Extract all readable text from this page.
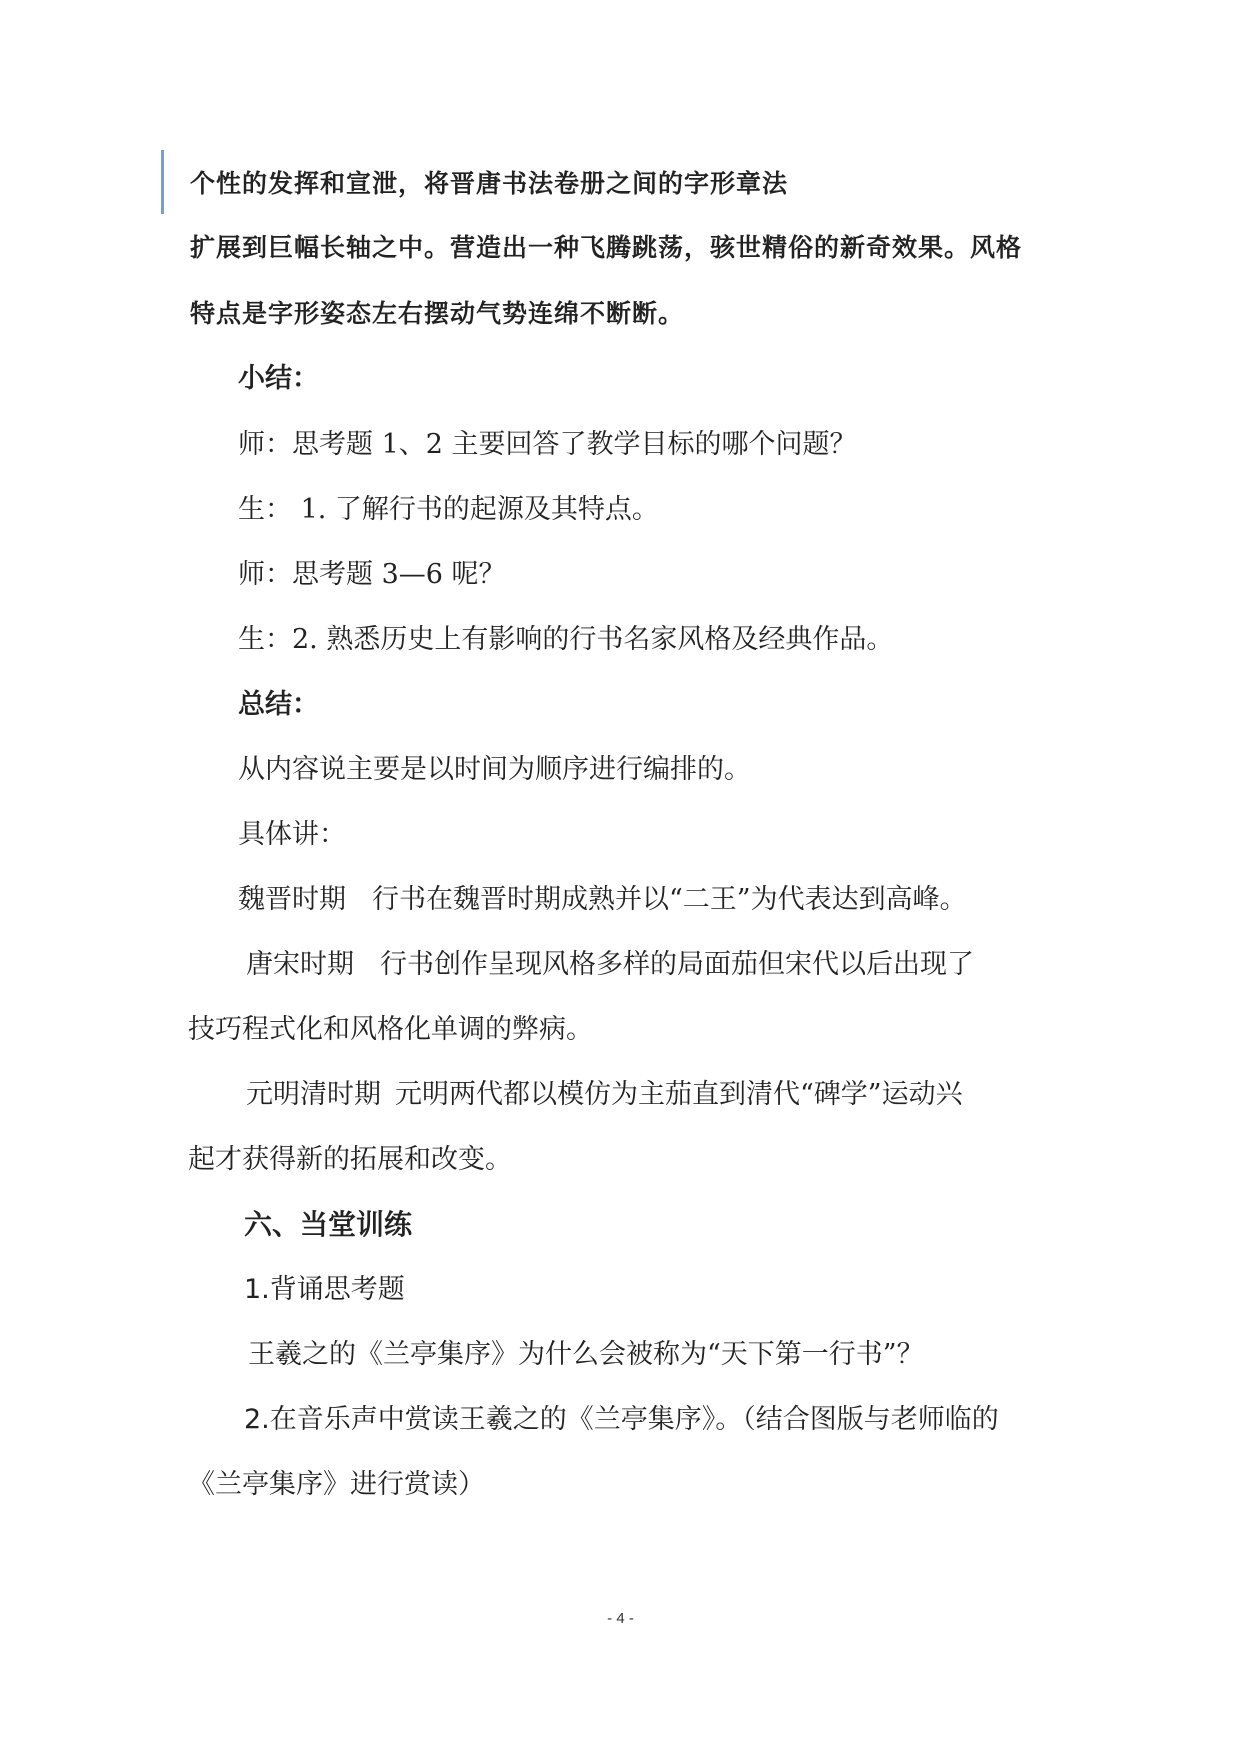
个性的发挥和宣泄，将晋唐书法卷册之间的字形章法
扩展到巨幅长轴之中。营造出一种飞腾跳荡，骇世精俗的新奇效果。风格
特点是字形姿态左右摆动气势连绵不断断。
小结：
师：思考题 1、2 主要回答了教学目标的哪个问题？
生： 1. 了解行书的起源及其特点。
师：思考题 3—6 呢？
生：2. 熟悉历史上有影响的行书名家风格及经典作品。
总结：
从内容说主要是以时间为顺序进行编排的。
具体讲：
魏晋时期 行书在魏晋时期成熟并以“二王”为代表达到高峰。
唐宋时期 行书创作呈现风格多样的局面茄但宋代以后出现了
技巧程式化和风格化单调的弊病。
元明清时期 元明两代都以模仿为主茄直到清代“碑学”运动兴
起才获得新的拓展和改变。
六、当堂训练
1.背诵思考题
王羲之的《兰亭集序》为什么会被称为“天下第一行书”？
2.在音乐声中赏读王羲之的《兰亭集序》。（结合图版与老师临的
《兰亭集序》进行赏读）
- 4 -
